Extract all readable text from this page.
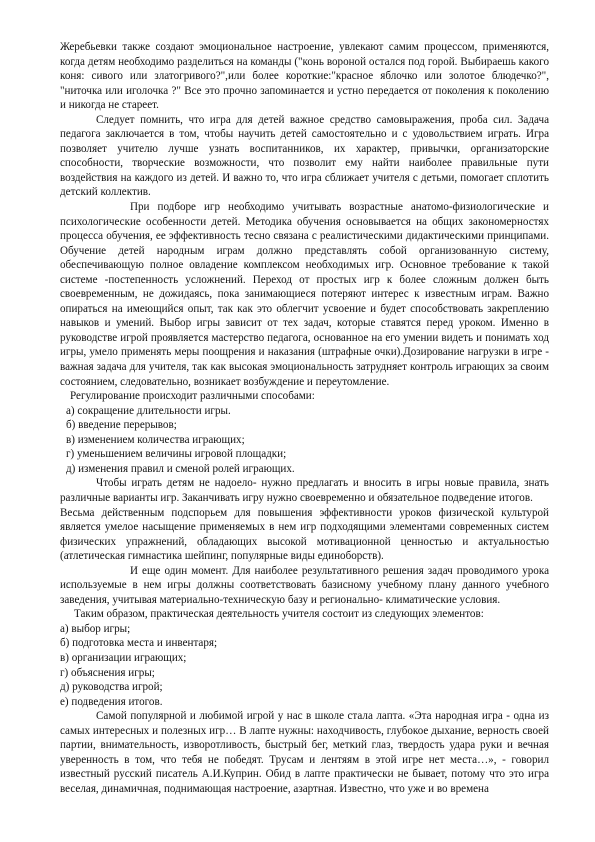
Жеребьевки также создают эмоциональное настроение, увлекают самим процессом, применяются, когда детям необходимо разделиться на команды ("конь вороной остался под горой. Выбираешь какого коня: сивого или златогривого?",или более короткие:"красное яблочко или золотое блюдечко?", "ниточка или иголочка ?" Все это прочно запоминается и устно передается от поколения к поколению и никогда не стареет.

Следует помнить, что игра для детей важное средство самовыражения, проба сил. Задача педагога заключается в том, чтобы научить детей самостоятельно и с удовольствием играть. Игра позволяет учителю лучше узнать воспитанников, их характер, привычки, организаторские способности, творческие возможности, что позволит ему найти наиболее правильные пути воздействия на каждого из детей. И важно то, что игра сближает учителя с детьми, помогает сплотить детский коллектив.

При подборе игр необходимо учитывать возрастные анатомо-физиологические и психологические особенности детей. Методика обучения основывается на общих закономерностях процесса обучения, ее эффективность тесно связана с реалистическими дидактическими принципами. Обучение детей народным играм должно представлять собой организованную систему, обеспечивающую полное овладение комплексом необходимых игр. Основное требование к такой системе -постепенность усложнений. Переход от простых игр к более сложным должен быть своевременным, не дожидаясь, пока занимающиеся потеряют интерес к известным играм. Важно опираться на имеющийся опыт, так как это облегчит усвоение и будет способствовать закреплению навыков и умений. Выбор игры зависит от тех задач, которые ставятся перед уроком. Именно в руководстве игрой проявляется мастерство педагога, основанное на его умении видеть и понимать ход игры, умело применять меры поощрения и наказания (штрафные очки).Дозирование нагрузки в игре - важная задача для учителя, так как высокая эмоциональность затрудняет контроль играющих за своим состоянием, следовательно, возникает возбуждение и переутомление.

Регулирование происходит различными способами:

а) сокращение длительности игры.

б) введение перерывов;

в) изменением количества играющих;

г) уменьшением величины игровой площадки;

д) изменения правил и сменой ролей играющих.

Чтобы играть детям не надоело- нужно предлагать и вносить в игры новые правила, знать различные варианты игр. Заканчивать игру нужно своевременно и обязательное подведение итогов.

Весьма действенным подспорьем для повышения эффективности уроков физической культурой является умелое насыщение применяемых в нем игр подходящими элементами современных систем физических упражнений, обладающих высокой мотивационной ценностью и актуальностью (атлетическая гимнастика шейпинг, популярные виды единоборств).

И еще один момент. Для наиболее результативного решения задач проводимого урока используемые в нем игры должны соответствовать базисному учебному плану данного учебного заведения, учитывая материально-техническую базу и регионально- климатические условия.

Таким образом, практическая деятельность учителя состоит из следующих элементов:

а) выбор игры;

б) подготовка места и инвентаря;

в) организации играющих;

г) объяснения игры;

д) руководства игрой;

е) подведения итогов.

Самой популярной и любимой игрой у нас в школе стала лапта. «Эта народная игра - одна из самых интересных и полезных игр… В лапте нужны: находчивость, глубокое дыхание, верность своей партии, внимательность, изворотливость, быстрый бег, меткий глаз, твердость удара руки и вечная уверенность в том, что тебя не победят. Трусам и лентяям в этой игре нет места…», - говорил известный русский писатель А.И.Куприн. Обид в лапте практически не бывает, потому что это игра веселая, динамичная, поднимающая настроение, азартная. Известно, что уже и во времена
